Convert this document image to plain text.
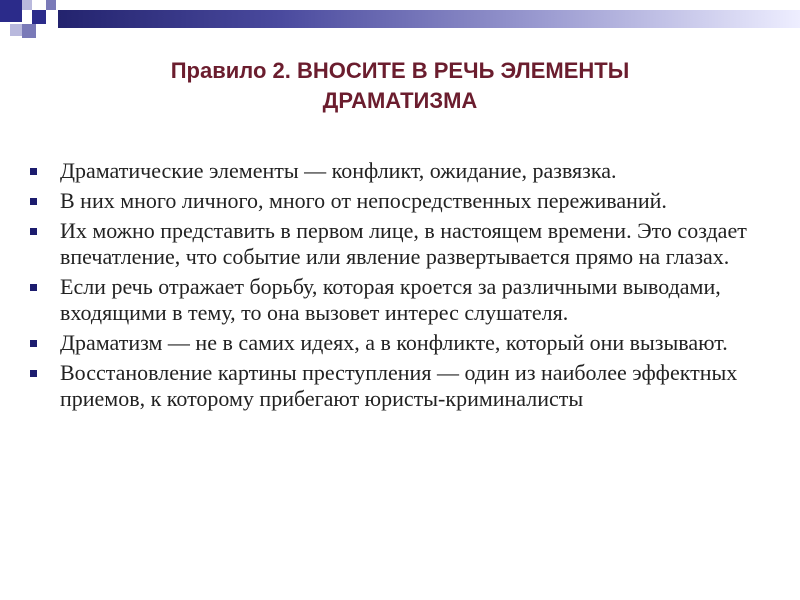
Правило 2. ВНОСИТЕ В РЕЧЬ ЭЛЕМЕНТЫ
ДРАМАТИЗМА
Драматические элементы — конфликт, ожидание, развязка.
В них много личного, много от непосредственных переживаний.
Их можно представить в первом лице, в настоящем времени. Это создает впечатление, что событие или явление развертывается прямо на глазах.
Если речь отражает борьбу, которая кроется за различными выводами, входящими в тему, то она вызовет интерес слушателя.
Драматизм — не в самих идеях, а в конфликте, который они вызывают.
Восстановление картины преступления — один из наиболее эффектных приемов, к которому прибегают юристы-криминалисты
